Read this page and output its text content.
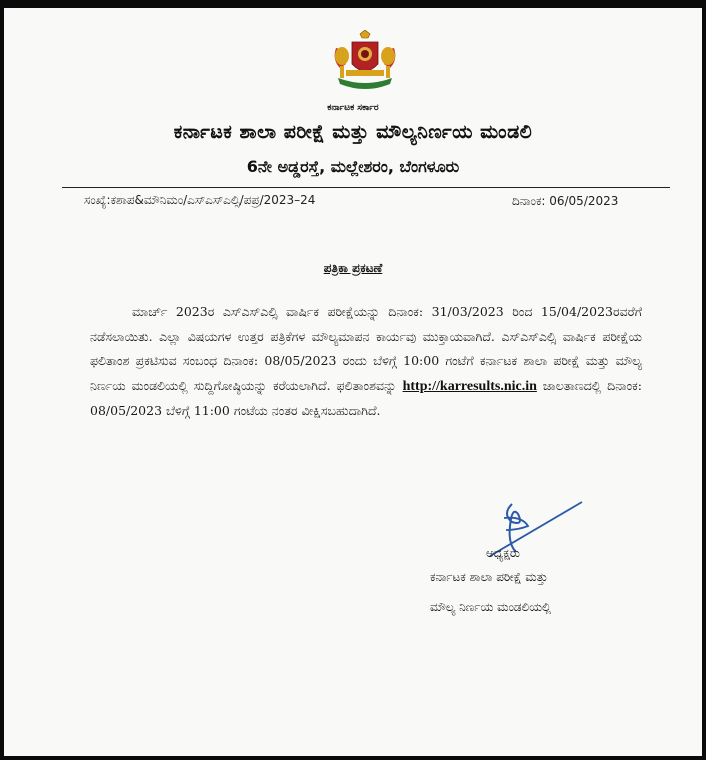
ಕರ್ನಾಟಕ ಸರ್ಕಾರ
ಕರ್ನಾಟಕ ಶಾಲಾ ಪರೀಕ್ಷೆ ಮತ್ತು ಮೌಲ್ಯನಿರ್ಣಯ ಮಂಡಲಿ
6ನೇ ಅಡ್ಡರಸ್ತೆ, ಮಲ್ಲೇಶರಂ, ಬೆಂಗಳೂರು
ಸಂಖ್ಯೆ:ಕಶಾಪ&ಮೌನಿಮಂ/ಎಸ್ಎಸ್ಎಲ್ಸಿ/ಪಪ್ರ/2023–24	ದಿನಾಂಕ: 06/05/2023
ಪತ್ರಿಕಾ ಪ್ರಕಟಣೆ
ಮಾರ್ಚ್ 2023ರ ಎಸ್ಎಸ್ಎಲ್ಸಿ ವಾರ್ಷಿಕ ಪರೀಕ್ಷೆಯನ್ನು ದಿನಾಂಕ: 31/03/2023 ರಿಂದ 15/04/2023ರವರೆಗೆ ನಡೆಸಲಾಯಿತು. ಎಲ್ಲಾ ವಿಷಯಗಳ ಉತ್ತರ ಪತ್ರಿಕೆಗಳ ಮೌಲ್ಯಮಾಪನ ಕಾರ್ಯವು ಮುಕ್ತಾಯವಾಗಿದೆ. ಎಸ್ಎಸ್ಎಲ್ಸಿ ವಾರ್ಷಿಕ ಪರೀಕ್ಷೆಯ ಫಲಿತಾಂಶ ಪ್ರಕಟಿಸುವ ಸಂಬಂಧ ದಿನಾಂಕ: 08/05/2023 ರಂದು ಬೆಳಿಗ್ಗೆ 10:00 ಗಂಟೆಗೆ ಕರ್ನಾಟಕ ಶಾಲಾ ಪರೀಕ್ಷೆ ಮತ್ತು ಮೌಲ್ಯ ನಿರ್ಣಯ ಮಂಡಲಿಯಲ್ಲಿ ಸುದ್ದಿಗೋಷ್ಠಿಯನ್ನು ಕರೆಯಲಾಗಿದೆ. ಫಲಿತಾಂಶವನ್ನು http://karresults.nic.in ಜಾಲತಾಣದಲ್ಲಿ ದಿನಾಂಕ: 08/05/2023 ಬೆಳಿಗ್ಗೆ 11:00 ಗಂಟೆಯ ನಂತರ ವೀಕ್ಷಿಸಬಹುದಾಗಿದೆ.
ಅಧ್ಯಕ್ಷರು
ಕರ್ನಾಟಕ ಶಾಲಾ ಪರೀಕ್ಷೆ ಮತ್ತು
ಮೌಲ್ಯ ನಿರ್ಣಯ ಮಂಡಲಿಯಲ್ಲಿ
